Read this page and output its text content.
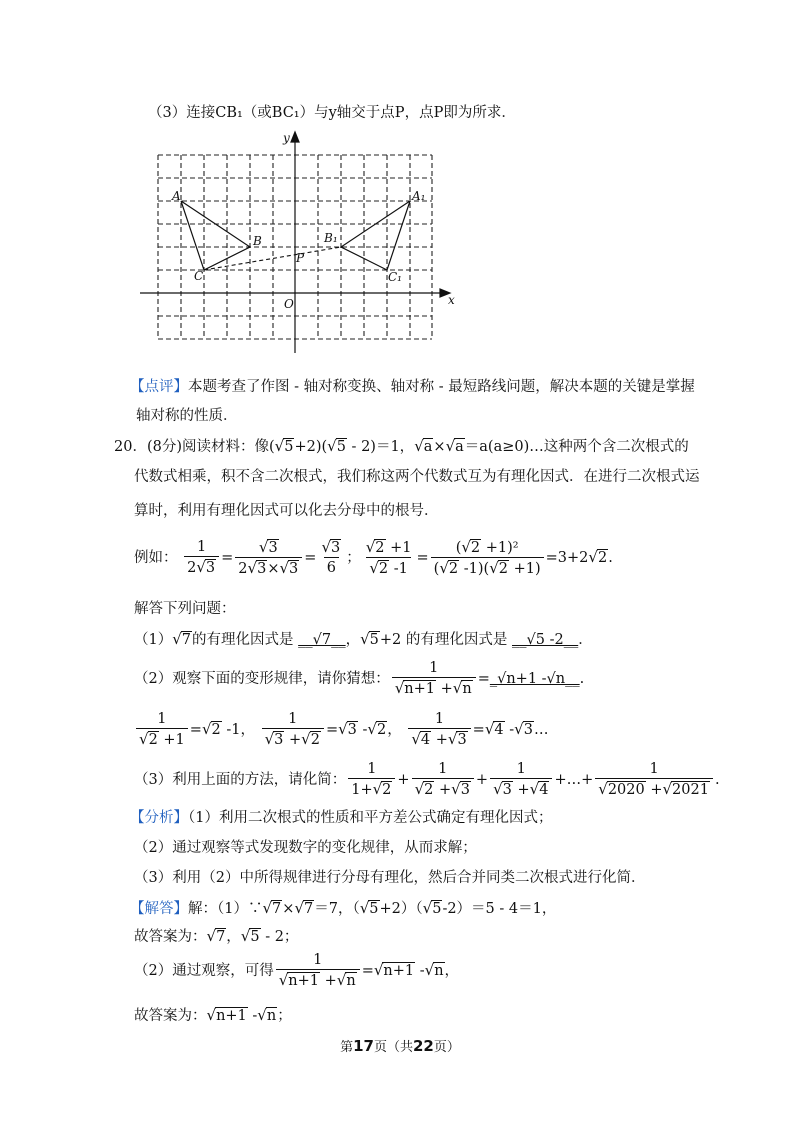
（3）连接CB₁（或BC₁）与y轴交于点P，点P即为所求．
y
x
O
A
B
C
P
A₁
B₁
C₁
【点评】本题考查了作图 - 轴对称变换、轴对称 - 最短路线问题，解决本题的关键是掌握
轴对称的性质．
20．(8分)阅读材料：像(√5+2)(√5 - 2)＝1，√a×√a＝a(a≥0)…这种两个含二次根式的
代数式相乘，积不含二次根式，我们称这两个代数式互为有理化因式．在进行二次根式运
算时，利用有理化因式可以化去分母中的根号．
例如： $\frac{1}{2√3} = \frac{√3}{2√3\times√3} = \frac{√3}{6}$ ； $\frac{√2 +1}{√2 -1} = \frac{\text{(√2 +1)²}}{(√2 -1)(√2 +1)} =3+2√2$.
解答下列问题：
（1）√7的有理化因式是 __√7__，√5+2 的有理化因式是 __√5 -2__．
（2）观察下面的变形规律，请你猜想： $\frac{1}{√n+1 +√n}$ =_√n+1 -√n__.
$\frac{1}{√2 +1} =√2$ -1， $\frac{1}{√3 +√2} =√3$ -√2， $\frac{1}{√4 +√3} =√4$ -√3…
（3）利用上面的方法，请化简： $\frac{1}{1+√2} + \frac{1}{√2 +√3} + \frac{1}{√3 +√4}$ +…+ $\frac{1}{√2020 +√2021}$ .
【分析】（1）利用二次根式的性质和平方差公式确定有理化因式；
（2）通过观察等式发现数字的变化规律，从而求解；
（3）利用（2）中所得规律进行分母有理化，然后合并同类二次根式进行化简．
【解答】解：（1）∵√7×√7＝7，（√5+2）（√5-2）＝5 - 4＝1，
故答案为：√7，√5 - 2；
（2）通过观察，可得 $\frac{1}{√n+1 +√n} =√n+1$ -√n，
故答案为：√n+1 -√n；
第17页（共22页）
